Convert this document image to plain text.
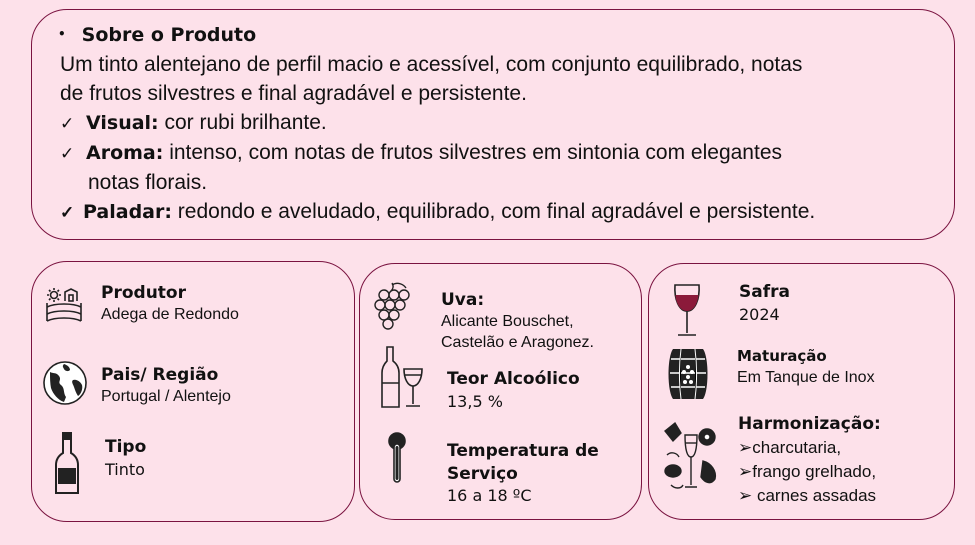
• Sobre o Produto
Um tinto alentejano de perfil macio e acessível, com conjunto equilibrado, notas
de frutos silvestres e final agradável e persistente.
✓ Visual: cor rubi brilhante.
✓ Aroma: intenso, com notas de frutos silvestres em sintonia com elegantes
notas florais.
✓ Paladar: redondo e aveludado, equilibrado, com final agradável e persistente.
Produtor
Adega de Redondo
Pais/ Região
Portugal / Alentejo
Tipo
Tinto
Uva:
Alicante Bouschet,
Castelão e Aragonez.
Teor Alcoólico
13,5 %
Temperatura de
Serviço
16 a 18 ºC
Safra
2024
Maturação
Em Tanque de Inox
Harmonização:
➢charcutaria,
➢frango grelhado,
➢ carnes assadas
